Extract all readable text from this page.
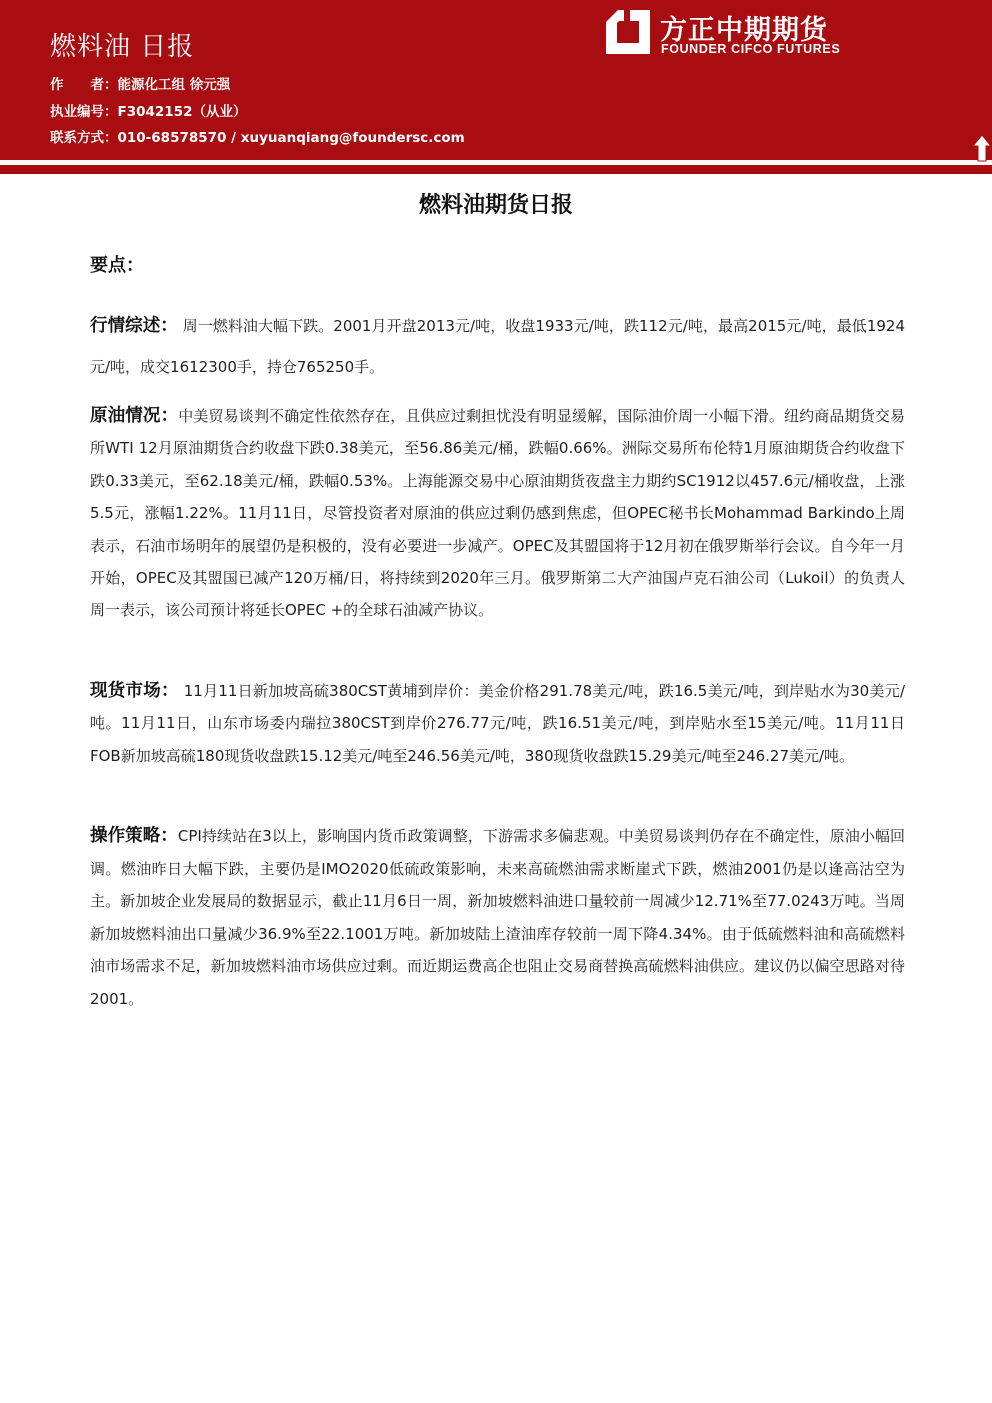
燃料油 日报
作　　者：能源化工组 徐元强
执业编号：F3042152（从业）
联系方式：010-68578570 / xuyuanqiang@foundersc.com
方正中期期货
FOUNDER CIFCO FUTURES
燃料油期货日报
要点：
行情综述： 周一燃料油大幅下跌。2001月开盘2013元/吨，收盘1933元/吨，跌112元/吨，最高2015元/吨，最低1924元/吨，成交1612300手，持仓765250手。
原油情况：中美贸易谈判不确定性依然存在，且供应过剩担忧没有明显缓解，国际油价周一小幅下滑。纽约商品期货交易所WTI 12月原油期货合约收盘下跌0.38美元，至56.86美元/桶，跌幅0.66%。洲际交易所布伦特1月原油期货合约收盘下跌0.33美元，至62.18美元/桶，跌幅0.53%。上海能源交易中心原油期货夜盘主力期约SC1912以457.6元/桶收盘，上涨5.5元，涨幅1.22%。11月11日，尽管投资者对原油的供应过剩仍感到焦虑，但OPEC秘书长Mohammad Barkindo上周表示，石油市场明年的展望仍是积极的，没有必要进一步减产。OPEC及其盟国将于12月初在俄罗斯举行会议。自今年一月开始，OPEC及其盟国已减产120万桶/日，将持续到2020年三月。俄罗斯第二大产油国卢克石油公司（Lukoil）的负责人周一表示，该公司预计将延长OPEC +的全球石油减产协议。
现货市场： 11月11日新加坡高硫380CST黄埔到岸价：美金价格291.78美元/吨，跌16.5美元/吨，到岸贴水为30美元/吨。11月11日，山东市场委内瑞拉380CST到岸价276.77元/吨，跌16.51美元/吨，到岸贴水至15美元/吨。11月11日FOB新加坡高硫180现货收盘跌15.12美元/吨至246.56美元/吨，380现货收盘跌15.29美元/吨至246.27美元/吨。
操作策略：CPI持续站在3以上，影响国内货币政策调整，下游需求多偏悲观。中美贸易谈判仍存在不确定性，原油小幅回调。燃油昨日大幅下跌，主要仍是IMO2020低硫政策影响，未来高硫燃油需求断崖式下跌，燃油2001仍是以逢高沽空为主。新加坡企业发展局的数据显示，截止11月6日一周，新加坡燃料油进口量较前一周减少12.71%至77.0243万吨。当周新加坡燃料油出口量减少36.9%至22.1001万吨。新加坡陆上渣油库存较前一周下降4.34%。由于低硫燃料油和高硫燃料油市场需求不足，新加坡燃料油市场供应过剩。而近期运费高企也阻止交易商替换高硫燃料油供应。建议仍以偏空思路对待2001。
